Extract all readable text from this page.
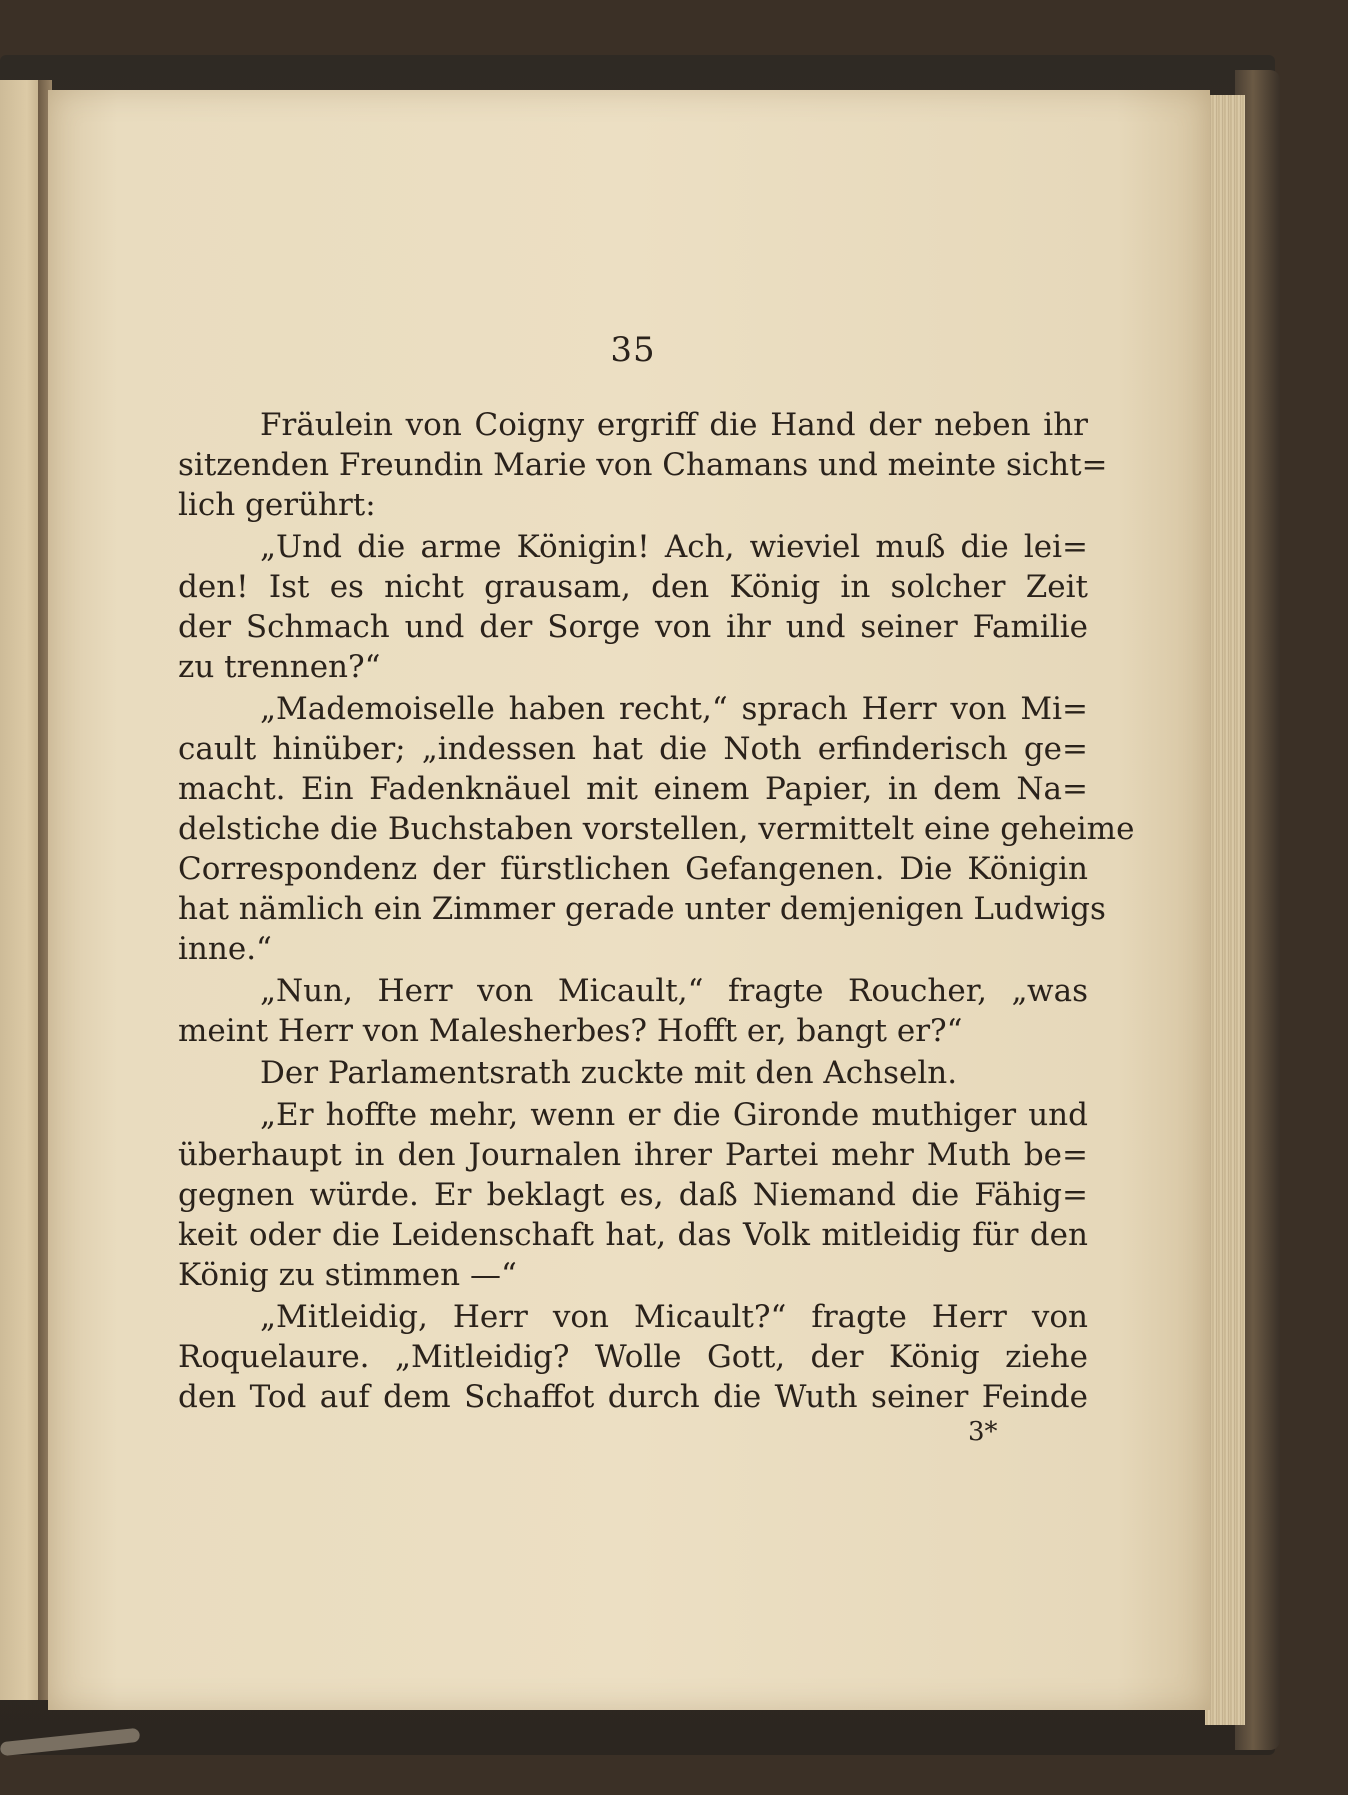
35
Fräulein von Coigny ergriff die Hand der neben ihr
sitzenden Freundin Marie von Chamans und meinte sicht=
lich gerührt:
„Und die arme Königin! Ach, wieviel muß die lei=
den! Ist es nicht grausam, den König in solcher Zeit
der Schmach und der Sorge von ihr und seiner Familie
zu trennen?“
„Mademoiselle haben recht,“ sprach Herr von Mi=
cault hinüber; „indessen hat die Noth erfinderisch ge=
macht. Ein Fadenknäuel mit einem Papier, in dem Na=
delstiche die Buchstaben vorstellen, vermittelt eine geheime
Correspondenz der fürstlichen Gefangenen. Die Königin
hat nämlich ein Zimmer gerade unter demjenigen Ludwigs
inne.“
„Nun, Herr von Micault,“ fragte Roucher, „was
meint Herr von Malesherbes? Hofft er, bangt er?“
Der Parlamentsrath zuckte mit den Achseln.
„Er hoffte mehr, wenn er die Gironde muthiger und
überhaupt in den Journalen ihrer Partei mehr Muth be=
gegnen würde. Er beklagt es, daß Niemand die Fähig=
keit oder die Leidenschaft hat, das Volk mitleidig für den
König zu stimmen —“
„Mitleidig, Herr von Micault?“ fragte Herr von
Roquelaure. „Mitleidig? Wolle Gott, der König ziehe
den Tod auf dem Schaffot durch die Wuth seiner Feinde
3*
